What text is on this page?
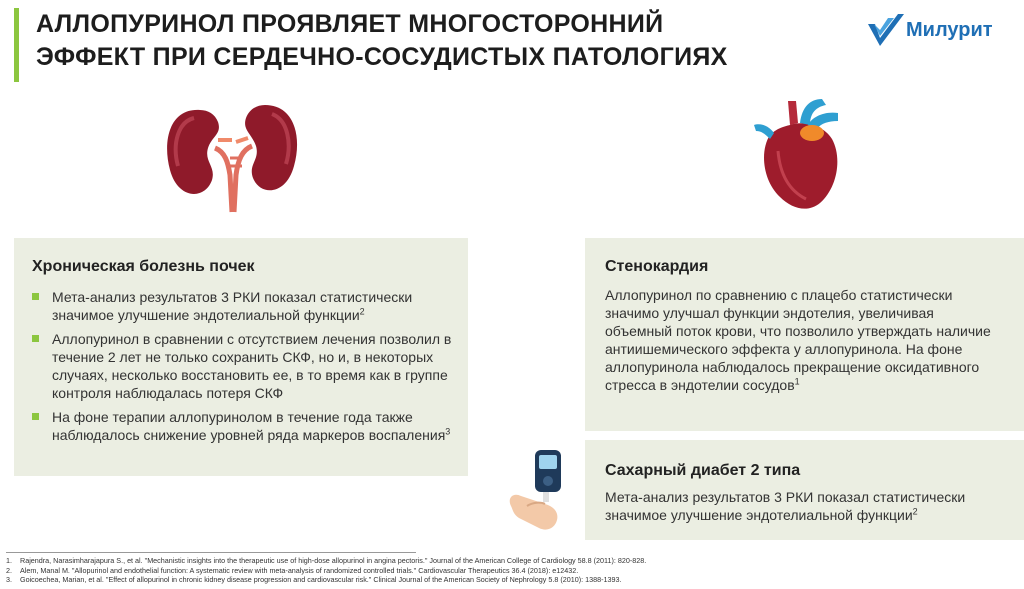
АЛЛОПУРИНОЛ ПРОЯВЛЯЕТ МНОГОСТОРОННИЙ
ЭФФЕКТ ПРИ СЕРДЕЧНО-СОСУДИСТЫХ ПАТОЛОГИЯХ
Милурит
Хроническая болезнь почек
Мета-анализ результатов 3 РКИ показал статистически значимое улучшение эндотелиальной функции$^2$
Аллопуринол в сравнении с отсутствием лечения позволил в течение 2 лет не только сохранить СКФ, но и, в некоторых случаях, несколько восстановить ее, в то время как в группе контроля наблюдалась потеря СКФ
На фоне терапии аллопуринолом в течение года также наблюдалось снижение уровней ряда маркеров воспаления$^3$
Стенокардия
Аллопуринол по сравнению с плацебо статистически значимо улучшал функции эндотелия, увеличивая объемный поток крови, что позволило утверждать наличие антиишемического эффекта у аллопуринола. На фоне аллопуринола наблюдалось прекращение оксидативного стресса в эндотелии сосудов$^1$
Сахарный диабет 2 типа
Мета-анализ результатов 3 РКИ показал статистически значимое улучшение эндотелиальной функции$^2$
1. Rajendra, Narasimharajapura S., et al. "Mechanistic insights into the therapeutic use of high-dose allopurinol in angina pectoris." Journal of the American College of Cardiology 58.8 (2011): 820-828.
2. Alem, Manal M. "Allopurinol and endothelial function: A systematic review with meta-analysis of randomized controlled trials." Cardiovascular Therapeutics 36.4 (2018): e12432.
3. Goicoechea, Marian, et al. "Effect of allopurinol in chronic kidney disease progression and cardiovascular risk." Clinical Journal of the American Society of Nephrology 5.8 (2010): 1388-1393.
